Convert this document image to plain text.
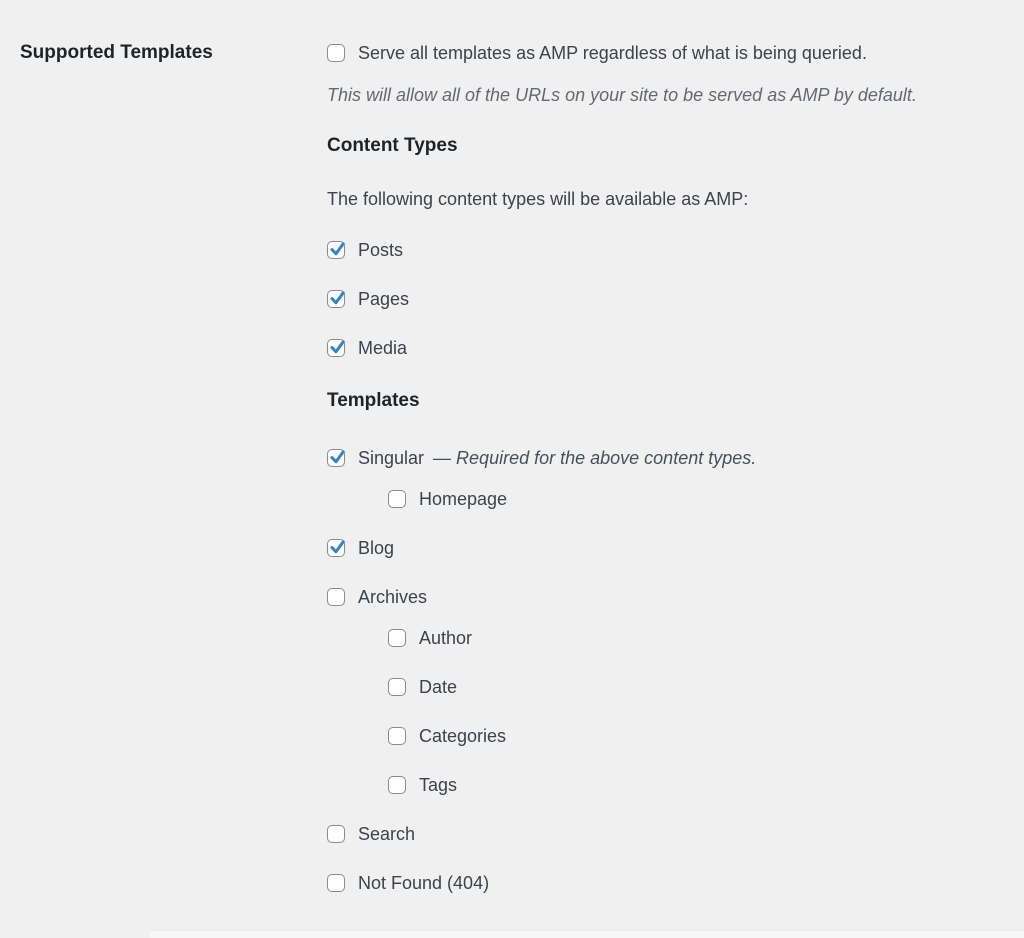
Supported Templates	Serve all templates as AMP regardless of what is being queried.

This will allow all of the URLs on your site to be served as AMP by default.

Content Types

The following content types will be available as AMP:

Posts
Pages
Media
Templates
Singular — Required for the above content types.
Homepage
Blog
Archives
Author
Date
Categories
Tags
Search
Not Found (404)
